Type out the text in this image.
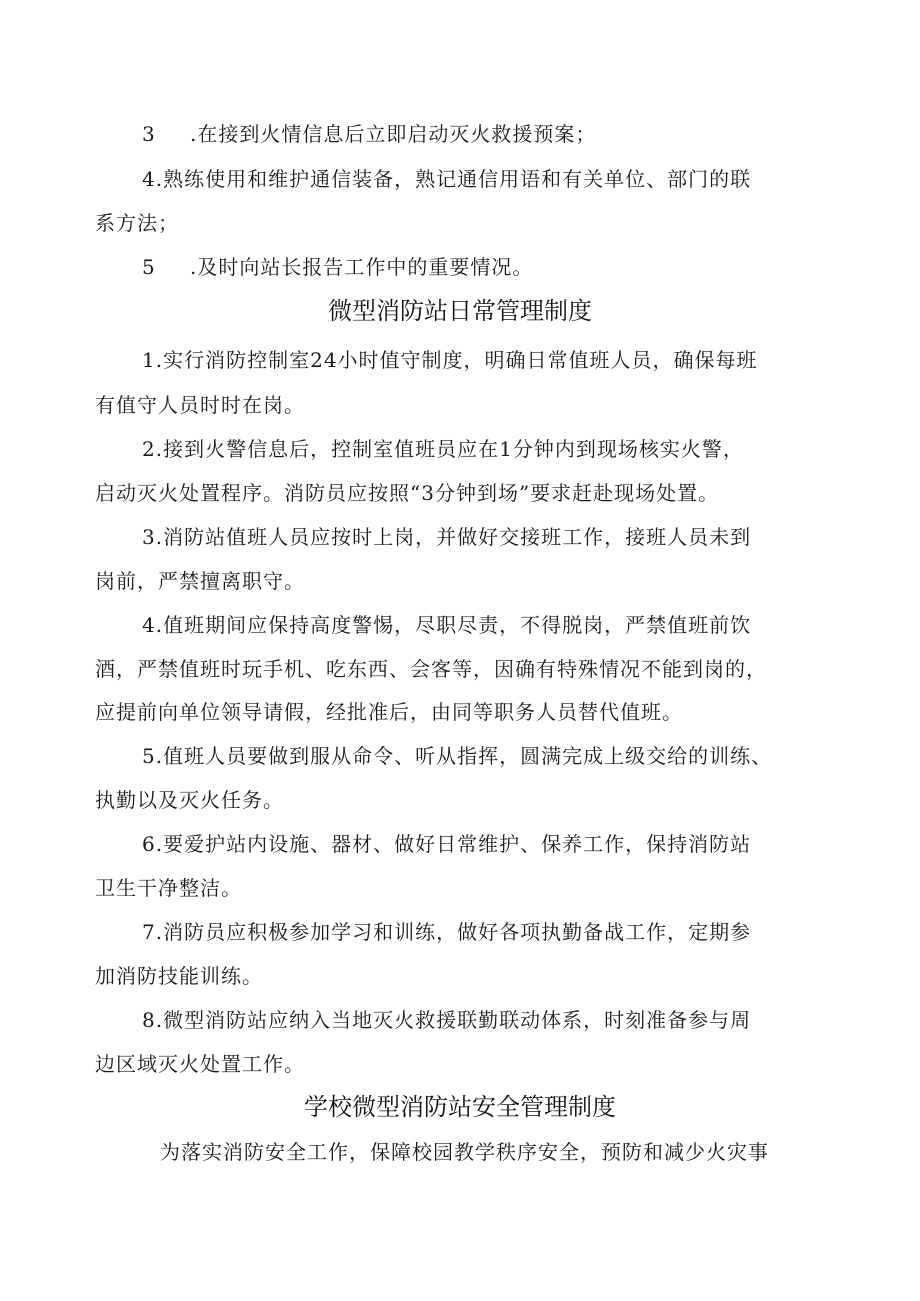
3 .在接到火情信息后立即启动灭火救援预案；
4.熟练使用和维护通信装备，熟记通信用语和有关单位、部门的联
系方法；
5 .及时向站长报告工作中的重要情况。
微型消防站日常管理制度
1.实行消防控制室24小时值守制度，明确日常值班人员，确保每班
有值守人员时时在岗。
2.接到火警信息后，控制室值班员应在1分钟内到现场核实火警，
启动灭火处置程序。消防员应按照“3分钟到场”要求赶赴现场处置。
3.消防站值班人员应按时上岗，并做好交接班工作，接班人员未到
岗前，严禁擅离职守。
4.值班期间应保持高度警惕，尽职尽责，不得脱岗，严禁值班前饮
酒，严禁值班时玩手机、吃东西、会客等，因确有特殊情况不能到岗的，
应提前向单位领导请假，经批准后，由同等职务人员替代值班。
5.值班人员要做到服从命令、听从指挥，圆满完成上级交给的训练、
执勤以及灭火任务。
6.要爱护站内设施、器材、做好日常维护、保养工作，保持消防站
卫生干净整洁。
7.消防员应积极参加学习和训练，做好各项执勤备战工作，定期参
加消防技能训练。
8.微型消防站应纳入当地灭火救援联勤联动体系，时刻准备参与周
边区域灭火处置工作。
学校微型消防站安全管理制度
为落实消防安全工作，保障校园教学秩序安全，预防和减少火灾事
